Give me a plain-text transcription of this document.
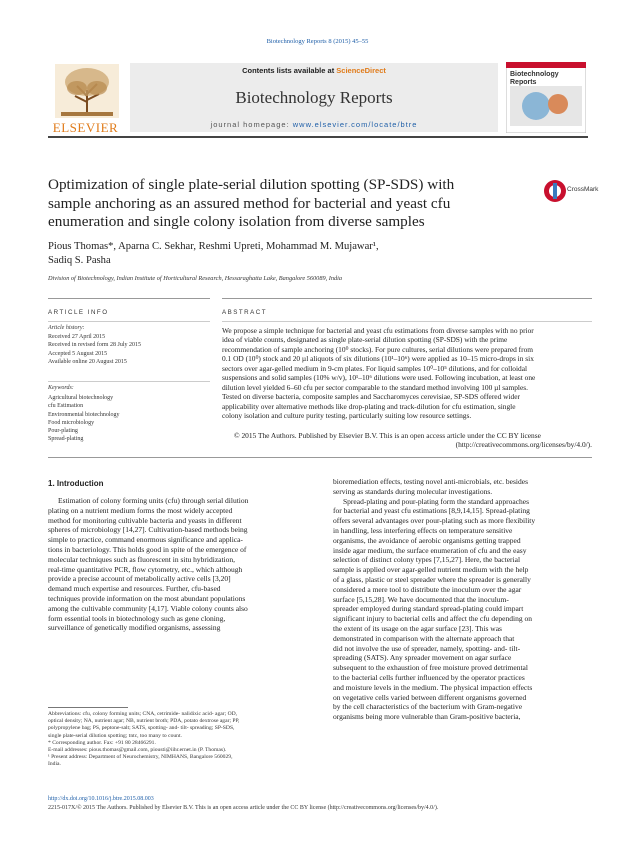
Biotechnology Reports 8 (2015) 45–55
ELSEVIER
Contents lists available at ScienceDirect
Biotechnology Reports
journal homepage: www.elsevier.com/locate/btre
Biotechnology Reports
Optimization of single plate-serial dilution spotting (SP-SDS) with
sample anchoring as an assured method for bacterial and yeast cfu
enumeration and single colony isolation from diverse samples
CrossMark
Pious Thomas*, Aparna C. Sekhar, Reshmi Upreti, Mohammad M. Mujawar¹,
Sadiq S. Pasha
Division of Biotechnology, Indian Institute of Horticultural Research, Hessaraghatta Lake, Bangalore 560089, India
ARTICLE INFO	ABSTRACT
Article history:
Received 27 April 2015
Received in revised form 28 July 2015
Accepted 5 August 2015
Available online 20 August 2015
Keywords:
Agricultural biotechnology
cfu Estimation
Environmental biotechnology
Food microbiology
Pour-plating
Spread-plating
We propose a simple technique for bacterial and yeast cfu estimations from diverse samples with no prior
idea of viable counts, designated as single plate-serial dilution spotting (SP-SDS) with the prime
recommendation of sample anchoring (10⁰ stocks). For pure cultures, serial dilutions were prepared from
0.1 OD (10⁰) stock and 20 µl aliquots of six dilutions (10¹–10⁶) were applied as 10–15 micro-drops in six
sectors over agar-gelled medium in 9-cm plates. For liquid samples 10⁰–10⁵ dilutions, and for colloidal
suspensions and solid samples (10% w/v), 10¹–10⁶ dilutions were used. Following incubation, at least one
dilution level yielded 6–60 cfu per sector comparable to the standard method involving 100 µl samples.
Tested on diverse bacteria, composite samples and Saccharomyces cerevisiae, SP-SDS offered wider
applicability over alternative methods like drop-plating and track-dilution for cfu estimation, single
colony isolation and culture purity testing, particularly suiting low resource settings.
© 2015 The Authors. Published by Elsevier B.V. This is an open access article under the CC BY license
(http://creativecommons.org/licenses/by/4.0/).
1. Introduction
Estimation of colony forming units (cfu) through serial dilution
plating on a nutrient medium forms the most widely accepted
method for monitoring cultivable bacteria and yeasts in different
spheres of microbiology [14,27]. Cultivation-based methods being
simple to practice, command enormous significance and applica-
tions in bacteriology. This holds good in spite of the emergence of
molecular techniques such as fluorescent in situ hybridization,
real-time quantitative PCR, flow cytometry, etc., which although
provide a precise account of metabolically active cells [3,20]
demand much expertise and resources. Further, cfu-based
techniques provide information on the most abundant populations
among the cultivable community [4,17]. Viable colony counts also
form essential tools in biotechnology such as gene cloning,
surveillance of genetically modified organisms, assessing
bioremediation effects, testing novel anti-microbials, etc. besides
serving as standards during molecular investigations.
Spread-plating and pour-plating form the standard approaches
for bacterial and yeast cfu estimations [8,9,14,15]. Spread-plating
offers several advantages over pour-plating such as more flexibility
in handling, less interfering effects on temperature sensitive
organisms, the avoidance of aerobic organisms getting trapped
inside agar medium, the surface enumeration of cfu and the easy
selection of distinct colony types [7,15,27]. Here, the bacterial
sample is applied over agar-gelled nutrient medium with the help
of a glass, plastic or steel spreader where the spreader is generally
considered a mere tool to distribute the inoculum over the agar
surface [5,15,28]. We have documented that the inoculum-
spreader employed during standard spread-plating could impart
significant injury to bacterial cells and affect the cfu depending on
the extent of its usage on the agar surface [23]. This was
demonstrated in comparison with the alternate approach that
did not involve the use of spreader, namely, spotting- and- tilt-
spreading (SATS). Any spreader movement on agar surface
subsequent to the exhaustion of free moisture proved detrimental
to the bacterial cells further influenced by the operator practices
and moisture levels in the medium. The physical impaction effects
on vegetative cells varied between different organisms governed
by the cell characteristics of the bacterium with Gram-negative
organisms being more vulnerable than Gram-positive bacteria,
Abbreviations: cfu, colony forming units; CNA, cetrimide- nalidixic acid- agar; OD,
optical density; NA, nutrient agar; NB, nutrient broth; PDA, potato dextrose agar; PP,
polypropylene bag; PS, peptone-salt; SATS, spotting- and- tilt- spreading; SP-SDS,
single plate-serial dilution spotting; tntc, too many to count.
* Corresponding author. Fax: +91 80 28466291.
E-mail addresses: pious.thomas@gmail.com, piousti@iihr.ernet.in (P. Thomas).
¹ Present address: Department of Neurochemistry, NIMHANS, Bangalore 560029,
India.
http://dx.doi.org/10.1016/j.btre.2015.08.003
2215-017X/© 2015 The Authors. Published by Elsevier B.V. This is an open access article under the CC BY license (http://creativecommons.org/licenses/by/4.0/).
